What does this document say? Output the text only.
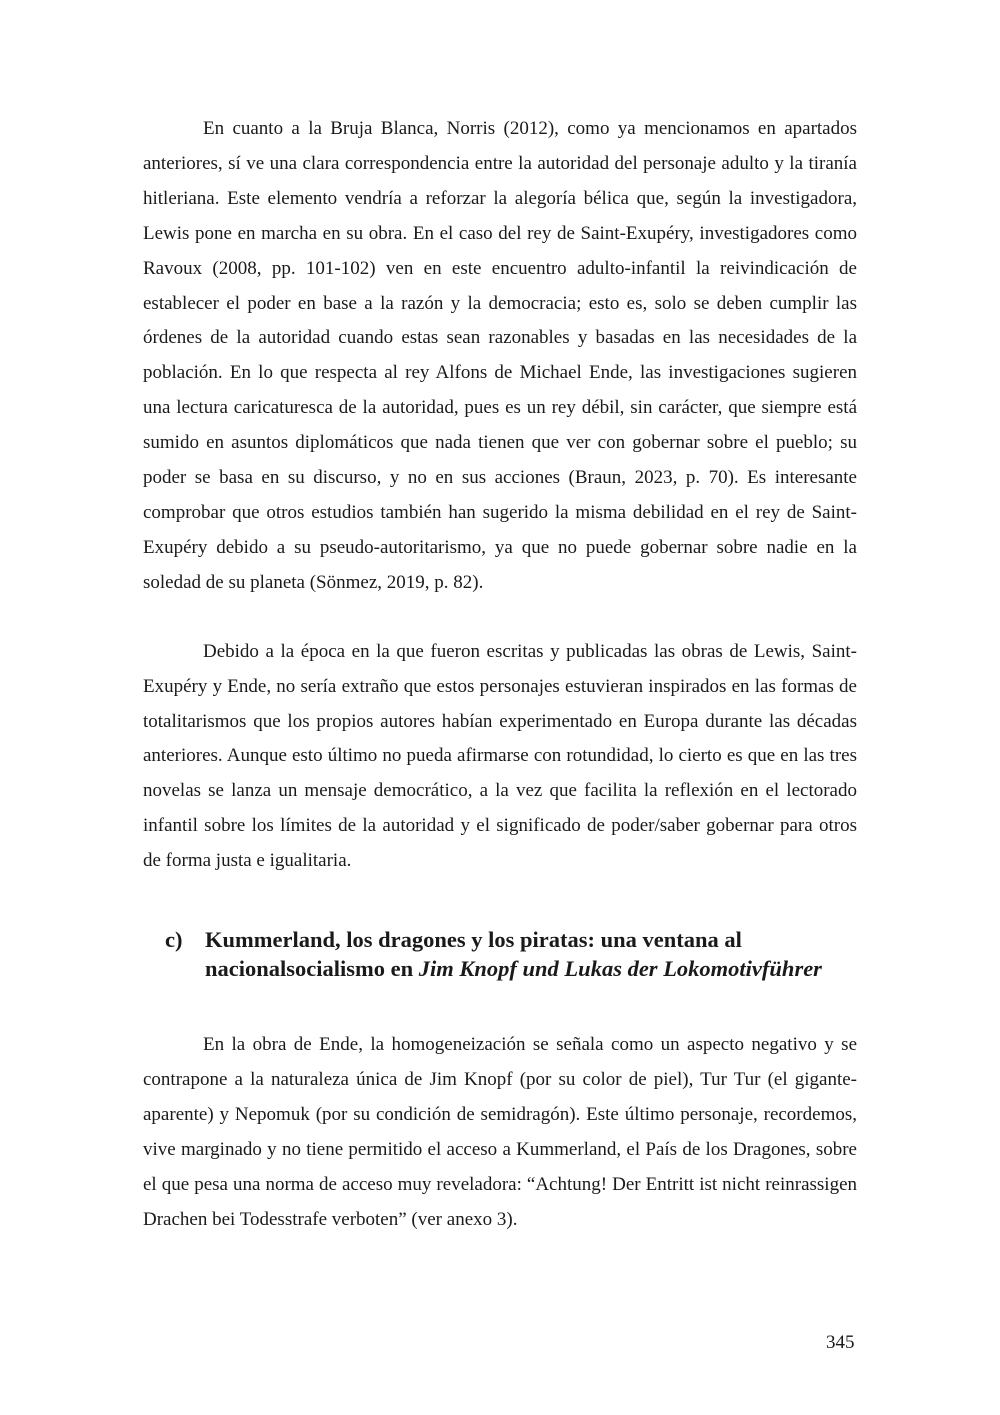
En cuanto a la Bruja Blanca, Norris (2012), como ya mencionamos en apartados anteriores, sí ve una clara correspondencia entre la autoridad del personaje adulto y la tiranía hitleriana. Este elemento vendría a reforzar la alegoría bélica que, según la investigadora, Lewis pone en marcha en su obra. En el caso del rey de Saint-Exupéry, investigadores como Ravoux (2008, pp. 101-102) ven en este encuentro adulto-infantil la reivindicación de establecer el poder en base a la razón y la democracia; esto es, solo se deben cumplir las órdenes de la autoridad cuando estas sean razonables y basadas en las necesidades de la población. En lo que respecta al rey Alfons de Michael Ende, las investigaciones sugieren una lectura caricaturesca de la autoridad, pues es un rey débil, sin carácter, que siempre está sumido en asuntos diplomáticos que nada tienen que ver con gobernar sobre el pueblo; su poder se basa en su discurso, y no en sus acciones (Braun, 2023, p. 70). Es interesante comprobar que otros estudios también han sugerido la misma debilidad en el rey de Saint-Exupéry debido a su pseudo-autoritarismo, ya que no puede gobernar sobre nadie en la soledad de su planeta (Sönmez, 2019, p. 82).

Debido a la época en la que fueron escritas y publicadas las obras de Lewis, Saint-Exupéry y Ende, no sería extraño que estos personajes estuvieran inspirados en las formas de totalitarismos que los propios autores habían experimentado en Europa durante las décadas anteriores. Aunque esto último no pueda afirmarse con rotundidad, lo cierto es que en las tres novelas se lanza un mensaje democrático, a la vez que facilita la reflexión en el lectorado infantil sobre los límites de la autoridad y el significado de poder/saber gobernar para otros de forma justa e igualitaria.

c)	Kummerland, los dragones y los piratas: una ventana al nacionalsocialismo en Jim Knopf und Lukas der Lokomotivführer

En la obra de Ende, la homogeneización se señala como un aspecto negativo y se contrapone a la naturaleza única de Jim Knopf (por su color de piel), Tur Tur (el gigante-aparente) y Nepomuk (por su condición de semidragón). Este último personaje, recordemos, vive marginado y no tiene permitido el acceso a Kummerland, el País de los Dragones, sobre el que pesa una norma de acceso muy reveladora: “Achtung! Der Entritt ist nicht reinrassigen Drachen bei Todesstrafe verboten” (ver anexo 3).

345
